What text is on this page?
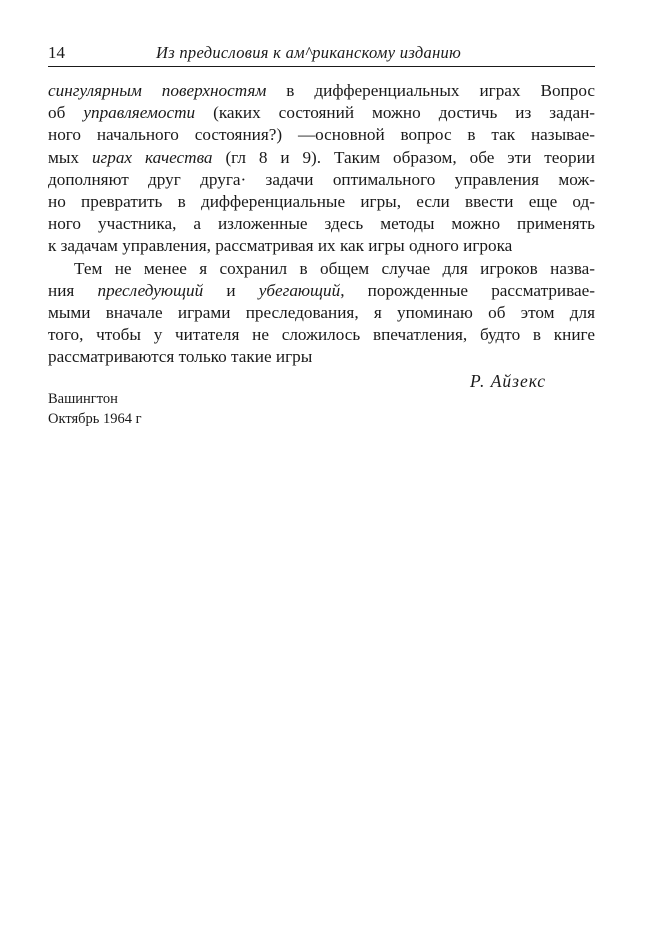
14	Из предисловия к ам^риканскому изданию
сингулярным поверхностям в дифференциальных играх Вопрос
об управляемости (каких состояний можно достичь из задан-
ного начального состояния?) —основной вопрос в так называе-
мых играх качества (гл 8 и 9). Таким образом, обе эти теории
дополняют друг друга· задачи оптимального управления мож-
но превратить в дифференциальные игры, если ввести еще од-
ного участника, а изложенные здесь методы можно применять
к задачам управления, рассматривая их как игры одного игрока
Тем не менее я сохранил в общем случае для игроков назва-
ния преследующий и убегающий, порожденные рассматривае-
мыми вначале играми преследования, я упоминаю об этом для
того, чтобы у читателя не сложилось впечатления, будто в книге
рассматриваются только такие игры
Р. Айзекс
Вашингтон
Октябрь 1964 г
